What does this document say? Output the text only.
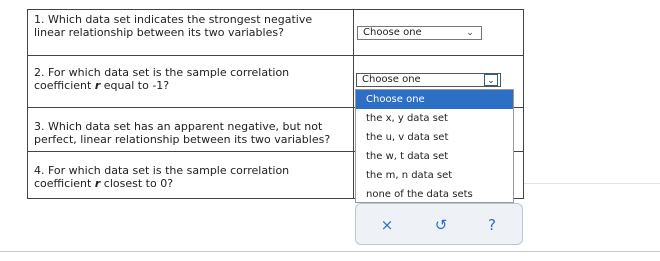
1. Which data set indicates the strongest negative
linear relationship between its two variables?	Choose one	⌄
2. For which data set is the sample correlation
coefficient r equal to -1?	Choose one	⌄
3. Which data set has an apparent negative, but not
perfect, linear relationship between its two variables?
4. For which data set is the sample correlation
coefficient r closest to 0?
Choose one
the x, y data set
the u, v data set
the w, t data set
the m, n data set
none of the data sets
×	↺	?
